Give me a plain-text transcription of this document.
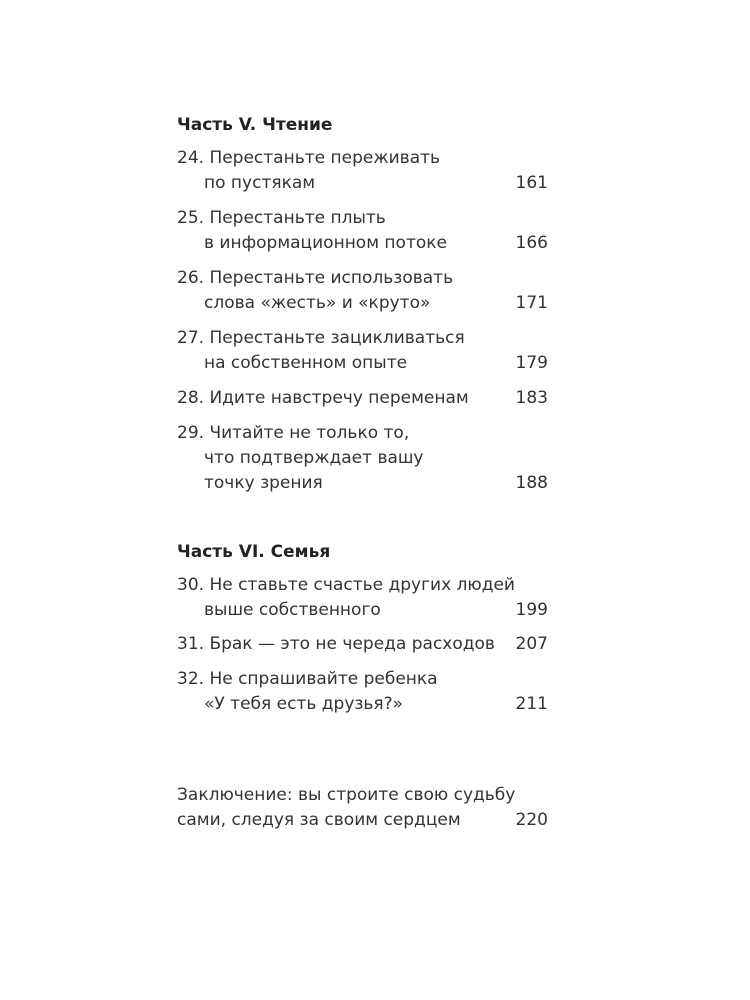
Часть V. Чтение
24. Перестаньте переживать
по пустякам	161
25. Перестаньте плыть
в информационном потоке	166
26. Перестаньте использовать
слова «жесть» и «круто»	171
27. Перестаньте зацикливаться
на собственном опыте	179
28. Идите навстречу переменам	183
29. Читайте не только то,
что подтверждает вашу
точку зрения	188
Часть VI. Семья
30. Не ставьте счастье других людей
выше собственного	199
31. Брак — это не череда расходов	207
32. Не спрашивайте ребенка
«У тебя есть друзья?»	211
Заключение: вы строите свою судьбу
сами, следуя за своим сердцем	220
